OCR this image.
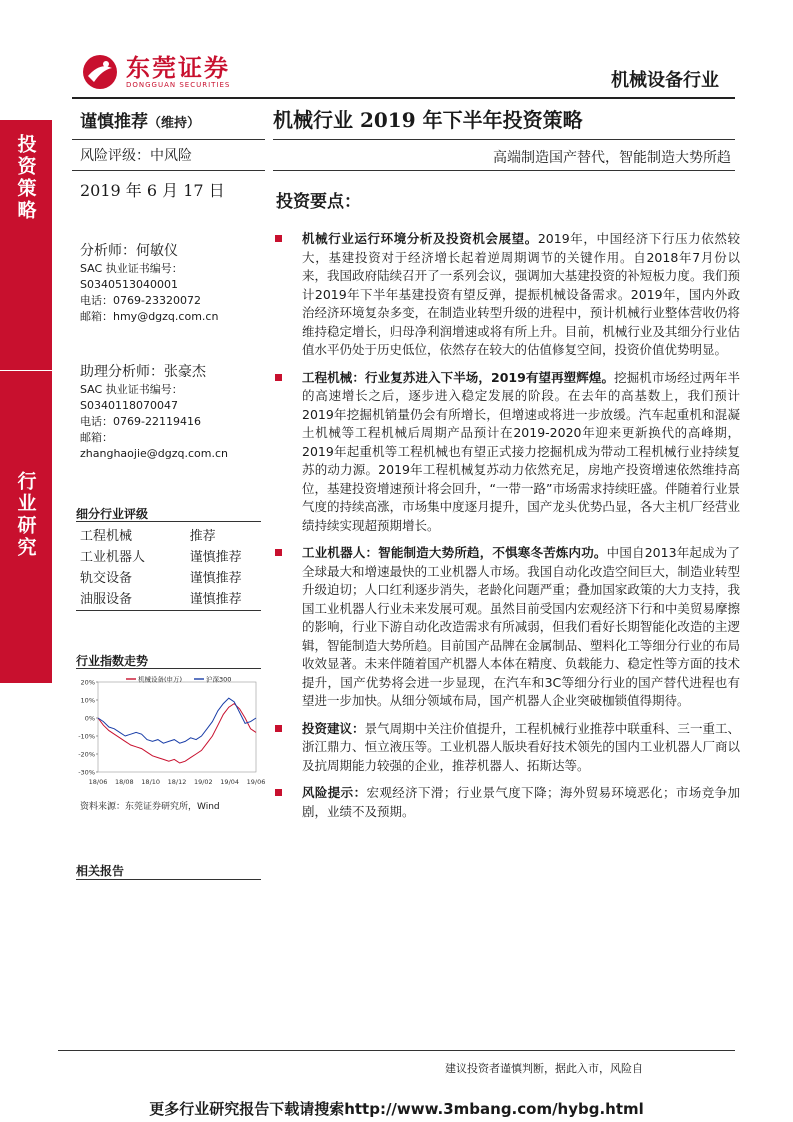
投资策略
行业研究
东莞证券
DONGGUAN SECURITIES	机械设备行业
谨慎推荐（维持）
风险评级：中风险
2019 年 6 月 17 日
分析师：何敏仪
SAC 执业证书编号：
S0340513040001
电话：0769-23320072
邮箱：hmy@dgzq.com.cn
助理分析师：张豪杰
SAC 执业证书编号：
S0340118070047
电话：0769-22119416
邮箱：
zhanghaojie@dgzq.com.cn
细分行业评级
工程机械	推荐
工业机器人	谨慎推荐
轨交设备	谨慎推荐
油服设备	谨慎推荐
行业指数走势
20%
10%
0%
-10%
-20%
-30%
18/06 18/08 18/10 18/12 19/02 19/04 19/06
机械设备(申万)	沪深300
资料来源：东莞证券研究所，Wind
相关报告
机械行业 2019 年下半年投资策略
高端制造国产替代，智能制造大势所趋
投资要点：
机械行业运行环境分析及投资机会展望。2019年，中国经济下行压力依然较大，基建投资对于经济增长起着逆周期调节的关键作用。自2018年7月份以来，我国政府陆续召开了一系列会议，强调加大基建投资的补短板力度。我们预计2019年下半年基建投资有望反弹，提振机械设备需求。2019年，国内外政治经济环境复杂多变，在制造业转型升级的进程中，预计机械行业整体营收仍将维持稳定增长，归母净利润增速或将有所上升。目前，机械行业及其细分行业估值水平仍处于历史低位，依然存在较大的估值修复空间，投资价值优势明显。
工程机械：行业复苏进入下半场，2019有望再塑辉煌。挖掘机市场经过两年半的高速增长之后，逐步进入稳定发展的阶段。在去年的高基数上，我们预计2019年挖掘机销量仍会有所增长，但增速或将进一步放缓。汽车起重机和混凝土机械等工程机械后周期产品预计在2019-2020年迎来更新换代的高峰期，2019年起重机等工程机械也有望正式接力挖掘机成为带动工程机械行业持续复苏的动力源。2019年工程机械复苏动力依然充足，房地产投资增速依然维持高位，基建投资增速预计将会回升，“一带一路”市场需求持续旺盛。伴随着行业景气度的持续高涨，市场集中度逐月提升，国产龙头优势凸显，各大主机厂经营业绩持续实现超预期增长。
工业机器人：智能制造大势所趋，不惧寒冬苦炼内功。中国自2013年起成为了全球最大和增速最快的工业机器人市场。我国自动化改造空间巨大，制造业转型升级迫切；人口红利逐步消失，老龄化问题严重；叠加国家政策的大力支持，我国工业机器人行业未来发展可观。虽然目前受国内宏观经济下行和中美贸易摩擦的影响，行业下游自动化改造需求有所减弱，但我们看好长期智能化改造的主逻辑，智能制造大势所趋。目前国产品牌在金属制品、塑料化工等细分行业的布局收效显著。未来伴随着国产机器人本体在精度、负载能力、稳定性等方面的技术提升，国产优势将会进一步显现，在汽车和3C等细分行业的国产替代进程也有望进一步加快。从细分领域布局，国产机器人企业突破枷锁值得期待。
投资建议：景气周期中关注价值提升，工程机械行业推荐中联重科、三一重工、浙江鼎力、恒立液压等。工业机器人版块看好技术领先的国内工业机器人厂商以及抗周期能力较强的企业，推荐机器人、拓斯达等。
风险提示：宏观经济下滑；行业景气度下降；海外贸易环境恶化；市场竞争加剧，业绩不及预期。
建议投资者谨慎判断，据此入市，风险自
更多行业研究报告下载请搜索http://www.3mbang.com/hybg.html
